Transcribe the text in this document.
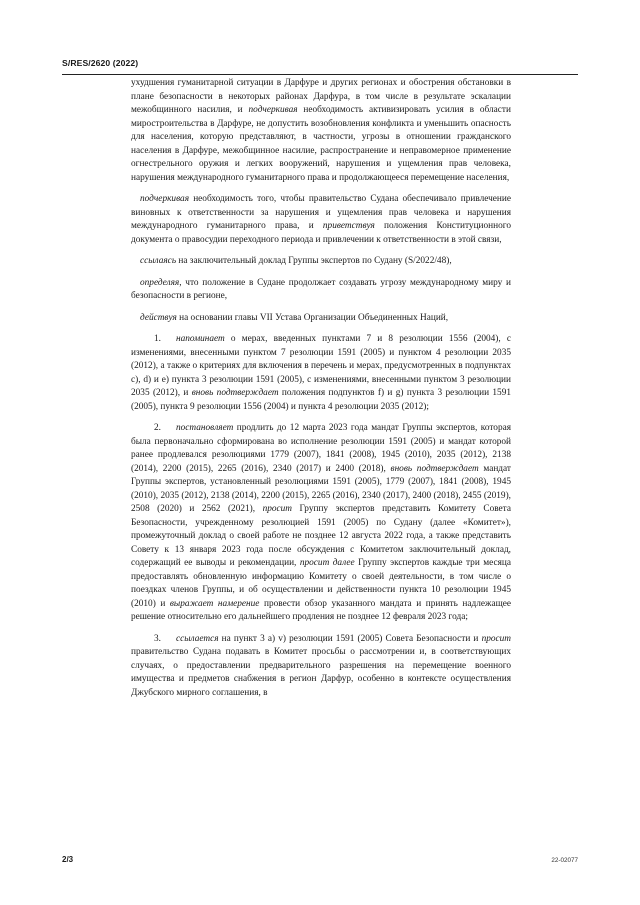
S/RES/2620 (2022)

ухудшения гуманитарной ситуации в Дарфуре и других регионах и обострения обстановки в плане безопасности в некоторых районах Дарфура, в том числе в результате эскалации межобщинного насилия, и подчеркивая необходимость активизировать усилия в области миростроительства в Дарфуре, не допустить возобновления конфликта и уменьшить опасность для населения, которую представляют, в частности, угрозы в отношении гражданского населения в Дарфуре, межобщинное насилие, распространение и неправомерное применение огнестрельного оружия и легких вооружений, нарушения и ущемления прав человека, нарушения международного гуманитарного права и продолжающееся перемещение населения,

подчеркивая необходимость того, чтобы правительство Судана обеспечивало привлечение виновных к ответственности за нарушения и ущемления прав человека и нарушения международного гуманитарного права, и приветствуя положения Конституционного документа о правосудии переходного периода и привлечении к ответственности в этой связи,

ссылаясь на заключительный доклад Группы экспертов по Судану (S/2022/48),

определяя, что положение в Судане продолжает создавать угрозу международному миру и безопасности в регионе,

действуя на основании главы VII Устава Организации Объединенных Наций,

1. напоминает о мерах, введенных пунктами 7 и 8 резолюции 1556 (2004), с изменениями, внесенными пунктом 7 резолюции 1591 (2005) и пунктом 4 резолюции 2035 (2012), а также о критериях для включения в перечень и мерах, предусмотренных в подпунктах c), d) и e) пункта 3 резолюции 1591 (2005), с изменениями, внесенными пунктом 3 резолюции 2035 (2012), и вновь подтверждает положения подпунктов f) и g) пункта 3 резолюции 1591 (2005), пункта 9 резолюции 1556 (2004) и пункта 4 резолюции 2035 (2012);

2. постановляет продлить до 12 марта 2023 года мандат Группы экспертов, которая была первоначально сформирована во исполнение резолюции 1591 (2005) и мандат которой ранее продлевался резолюциями 1779 (2007), 1841 (2008), 1945 (2010), 2035 (2012), 2138 (2014), 2200 (2015), 2265 (2016), 2340 (2017) и 2400 (2018), вновь подтверждает мандат Группы экспертов, установленный резолюциями 1591 (2005), 1779 (2007), 1841 (2008), 1945 (2010), 2035 (2012), 2138 (2014), 2200 (2015), 2265 (2016), 2340 (2017), 2400 (2018), 2455 (2019), 2508 (2020) и 2562 (2021), просит Группу экспертов представить Комитету Совета Безопасности, учрежденному резолюцией 1591 (2005) по Судану (далее «Комитет»), промежуточный доклад о своей работе не позднее 12 августа 2022 года, а также представить Совету к 13 января 2023 года после обсуждения с Комитетом заключительный доклад, содержащий ее выводы и рекомендации, просит далее Группу экспертов каждые три месяца предоставлять обновленную информацию Комитету о своей деятельности, в том числе о поездках членов Группы, и об осуществлении и действенности пункта 10 резолюции 1945 (2010) и выражает намерение провести обзор указанного мандата и принять надлежащее решение относительно его дальнейшего продления не позднее 12 февраля 2023 года;

3. ссылается на пункт 3 а) v) резолюции 1591 (2005) Совета Безопасности и просит правительство Судана подавать в Комитет просьбы о рассмотрении и, в соответствующих случаях, о предоставлении предварительного разрешения на перемещение военного имущества и предметов снабжения в регион Дарфур, особенно в контексте осуществления Джубского мирного соглашения, в

2/3	22-02077
